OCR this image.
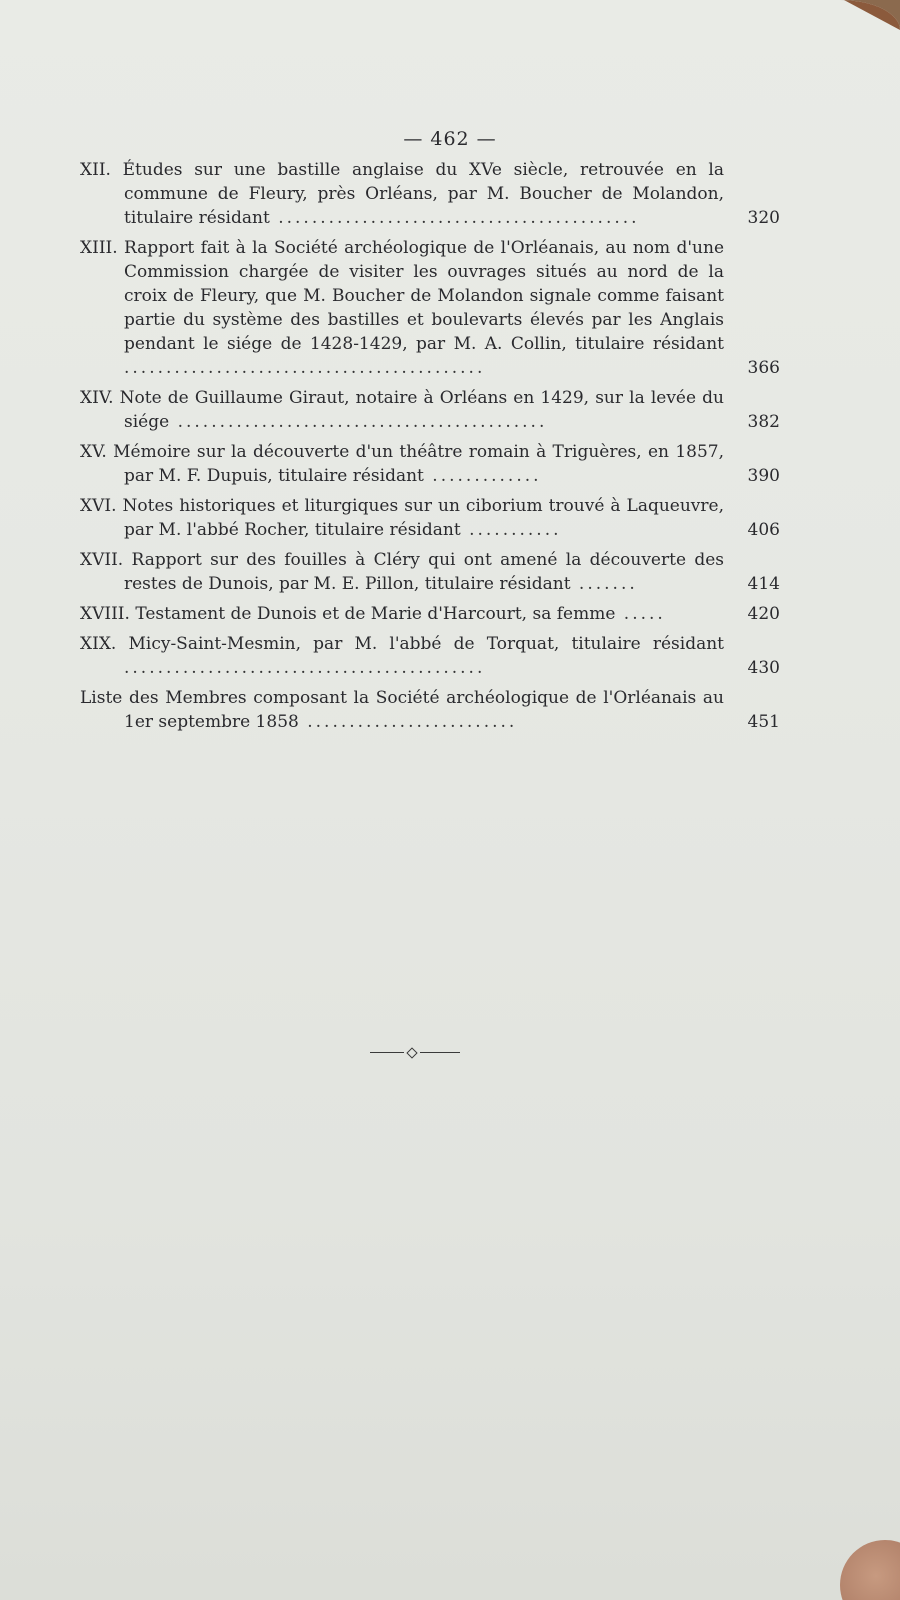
— 462 —
XII. Études sur une bastille anglaise du XVe siècle, retrouvée en la commune de Fleury, près Orléans, par M. Boucher de Molandon, titulaire résidant ...........................................	320
XIII. Rapport fait à la Société archéologique de l'Orléanais, au nom d'une Commission chargée de visiter les ouvrages situés au nord de la croix de Fleury, que M. Boucher de Molandon signale comme faisant partie du système des bastilles et boulevarts élevés par les Anglais pendant le siége de 1428-1429, par M. A. Collin, titulaire résidant ...........................................	366
XIV. Note de Guillaume Giraut, notaire à Orléans en 1429, sur la levée du siége ............................................	382
XV. Mémoire sur la découverte d'un théâtre romain à Triguères, en 1857, par M. F. Dupuis, titulaire résidant .............	390
XVI. Notes historiques et liturgiques sur un ciborium trouvé à Laqueuvre, par M. l'abbé Rocher, titulaire résidant ...........	406
XVII. Rapport sur des fouilles à Cléry qui ont amené la découverte des restes de Dunois, par M. E. Pillon, titulaire résidant .......	414
XVIII. Testament de Dunois et de Marie d'Harcourt, sa femme .....	420
XIX. Micy-Saint-Mesmin, par M. l'abbé de Torquat, titulaire résidant ...........................................	430
Liste des Membres composant la Société archéologique de l'Orléanais au 1er septembre 1858 .........................	451
